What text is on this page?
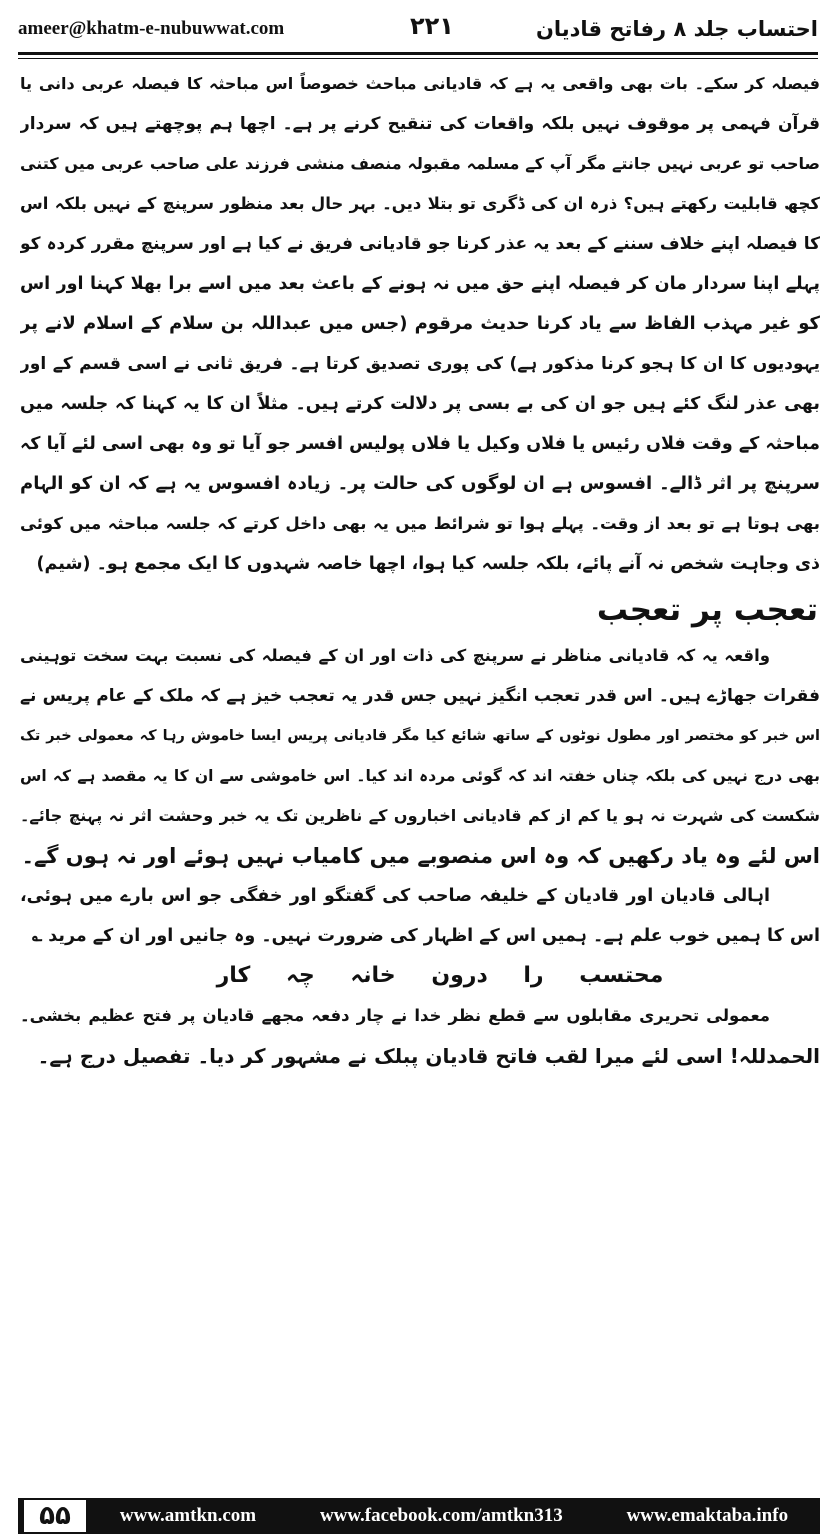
ameer@khatm-e-nubuwwat.com	۲۲۱	احتساب جلد ۸ رفاتح قادیان
فیصلہ کر سکے۔ بات بھی واقعی یہ ہے کہ قادیانی مباحث خصوصاً اس مباحثہ کا فیصلہ عربی دانی یا
قرآن فہمی پر موقوف نہیں بلکہ واقعات کی تنقیح کرنے پر ہے۔ اچھا ہم پوچھتے ہیں کہ سردار
صاحب تو عربی نہیں جانتے مگر آپ کے مسلمہ مقبولہ منصف منشی فرزند علی صاحب عربی میں کتنی
کچھ قابلیت رکھتے ہیں؟ ذرہ ان کی ڈگری تو بتلا دیں۔ بہر حال بعد منظور سرپنچ کے نہیں بلکہ اس
کا فیصلہ اپنے خلاف سننے کے بعد یہ عذر کرنا جو قادیانی فریق نے کیا ہے اور سرپنچ مقرر کردہ کو
پہلے اپنا سردار مان کر فیصلہ اپنے حق میں نہ ہونے کے باعث بعد میں اسے برا بھلا کہنا اور اس
کو غیر مہذب الفاظ سے یاد کرنا حدیث مرقوم (جس میں عبداللہ بن سلام کے اسلام لانے پر
یہودیوں کا ان کا ہجو کرنا مذکور ہے) کی پوری تصدیق کرتا ہے۔ فریق ثانی نے اسی قسم کے اور
بھی عذر لنگ کئے ہیں جو ان کی بے بسی پر دلالت کرتے ہیں۔ مثلاً ان کا یہ کہنا کہ جلسہ میں
مباحثہ کے وقت فلاں رئیس یا فلاں وکیل یا فلاں پولیس افسر جو آیا تو وہ بھی اسی لئے آیا کہ
سرپنچ پر اثر ڈالے۔ افسوس ہے ان لوگوں کی حالت پر۔ زیادہ افسوس یہ ہے کہ ان کو الہام
بھی ہوتا ہے تو بعد از وقت۔ پہلے ہوا تو شرائط میں یہ بھی داخل کرتے کہ جلسہ مباحثہ میں کوئی
ذی وجاہت شخص نہ آنے پائے، بلکہ جلسہ کیا ہوا، اچھا خاصہ شہدوں کا ایک مجمع ہو۔ (شیم)
تعجب پر تعجب
واقعہ یہ کہ قادیانی مناظر نے سرپنچ کی ذات اور ان کے فیصلہ کی نسبت بہت سخت توہینی
فقرات جھاڑے ہیں۔ اس قدر تعجب انگیز نہیں جس قدر یہ تعجب خیز ہے کہ ملک کے عام پریس نے
اس خبر کو مختصر اور مطول نوٹوں کے ساتھ شائع کیا مگر قادیانی پریس ایسا خاموش رہا کہ معمولی خبر تک
بھی درج نہیں کی بلکہ چناں خفتہ اند کہ گوئی مردہ اند کیا۔ اس خاموشی سے ان کا یہ مقصد ہے کہ اس
شکست کی شہرت نہ ہو یا کم از کم قادیانی اخباروں کے ناظرین تک یہ خبر وحشت اثر نہ پہنچ جائے۔
اس لئے وہ یاد رکھیں کہ وہ اس منصوبے میں کامیاب نہیں ہوئے اور نہ ہوں گے۔
اہالی قادیان اور قادیان کے خلیفہ صاحب کی گفتگو اور خفگی جو اس بارے میں ہوئی،
اس کا ہمیں خوب علم ہے۔ ہمیں اس کے اظہار کی ضرورت نہیں۔ وہ جانیں اور ان کے مرید ؎
محتسب را درون خانہ چہ کار
معمولی تحریری مقابلوں سے قطع نظر خدا نے چار دفعہ مجھے قادیان پر فتح عظیم بخشی۔
الحمدللہ! اسی لئے میرا لقب فاتح قادیان پبلک نے مشہور کر دیا۔ تفصیل درج ہے۔
۵۵	www.amtkn.com	www.facebook.com/amtkn313	www.emaktaba.info
